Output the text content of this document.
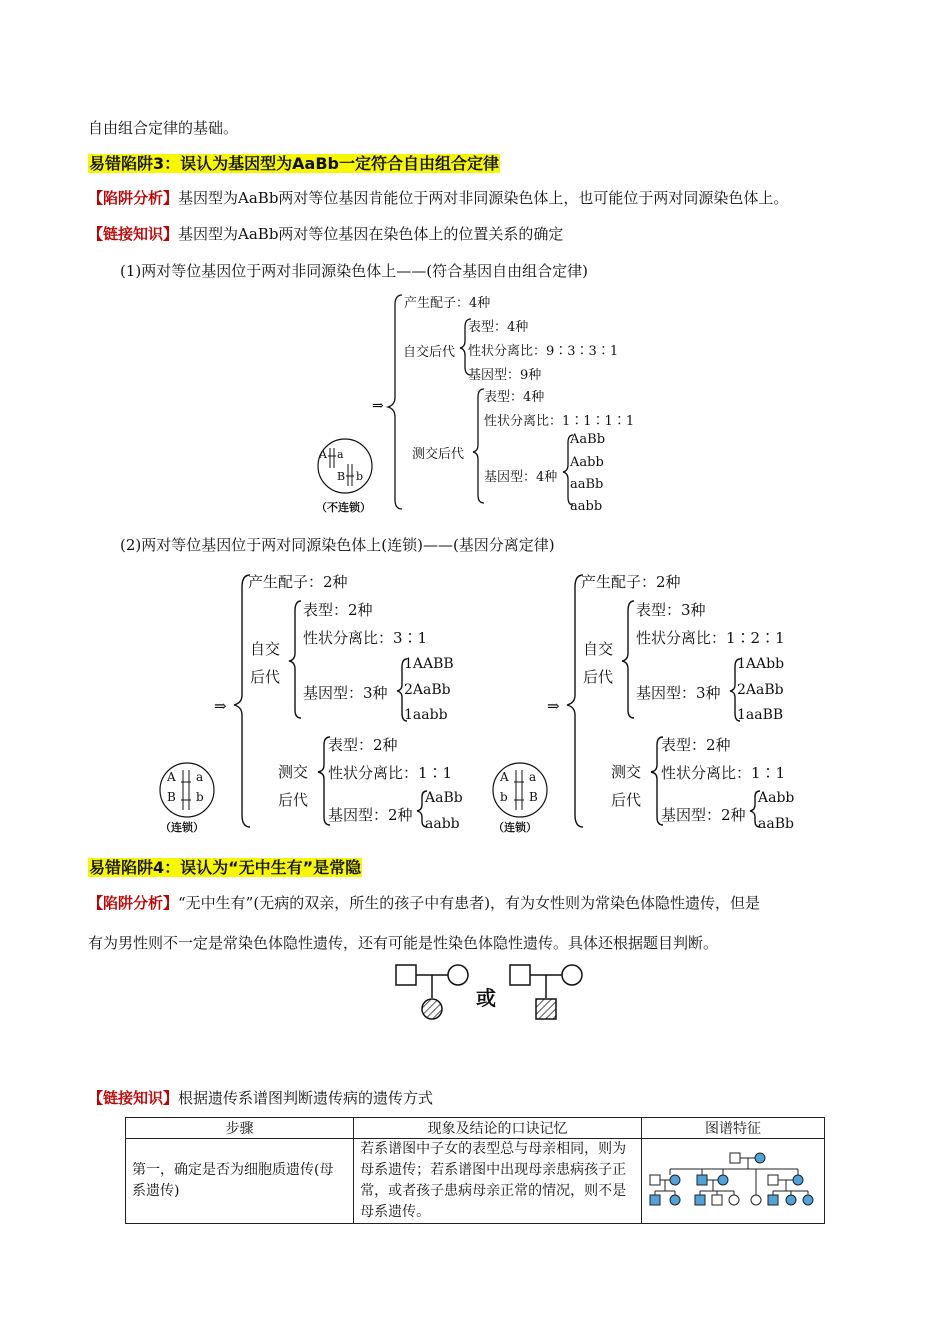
自由组合定律的基础。
易错陷阱3：误认为基因型为AaBb一定符合自由组合定律
【陷阱分析】基因型为AaBb两对等位基因肯能位于两对非同源染色体上，也可能位于两对同源染色体上。
【链接知识】基因型为AaBb两对等位基因在染色体上的位置关系的确定
(1)两对等位基因位于两对非同源染色体上——(符合基因自由组合定律)
⇒
产生配子：4种
自交后代
表型：4种
性状分离比：9∶3∶3∶1
基因型：9种
测交后代
表型：4种
性状分离比：1∶1∶1∶1
基因型：4种
AaBb
Aabb
aaBb
aabb
A a
B b
（不连锁）
(2)两对等位基因位于两对同源染色体上(连锁)——(基因分离定律)
⇒
产生配子：2种
自交
后代
表型：2种
性状分离比：3∶1
基因型：3种
1AABB
2AaBb
1aabb
测交
后代
表型：2种
性状分离比：1∶1
基因型：2种
AaBb
aabb
A a
B b
（连锁）
⇒
产生配子：2种
自交
后代
表型：3种
性状分离比：1∶2∶1
基因型：3种
1AAbb
2AaBb
1aaBB
测交
后代
表型：2种
性状分离比：1∶1
基因型：2种
Aabb
aaBb
A a
b B
（连锁）
易错陷阱4：误认为“无中生有”是常隐
【陷阱分析】“无中生有”(无病的双亲，所生的孩子中有患者)，有为女性则为常染色体隐性遗传，但是
有为男性则不一定是常染色体隐性遗传，还有可能是性染色体隐性遗传。具体还根据题目判断。
或
【链接知识】根据遗传系谱图判断遗传病的遗传方式
步骤	现象及结论的口诀记忆	图谱特征

第一，确定是否为细胞质遗传(母系遗传)	若系谱图中子女的表型总与母亲相同，则为母系遗传；若系谱图中出现母亲患病孩子正常，或者孩子患病母亲正常的情况，则不是母系遗传。
